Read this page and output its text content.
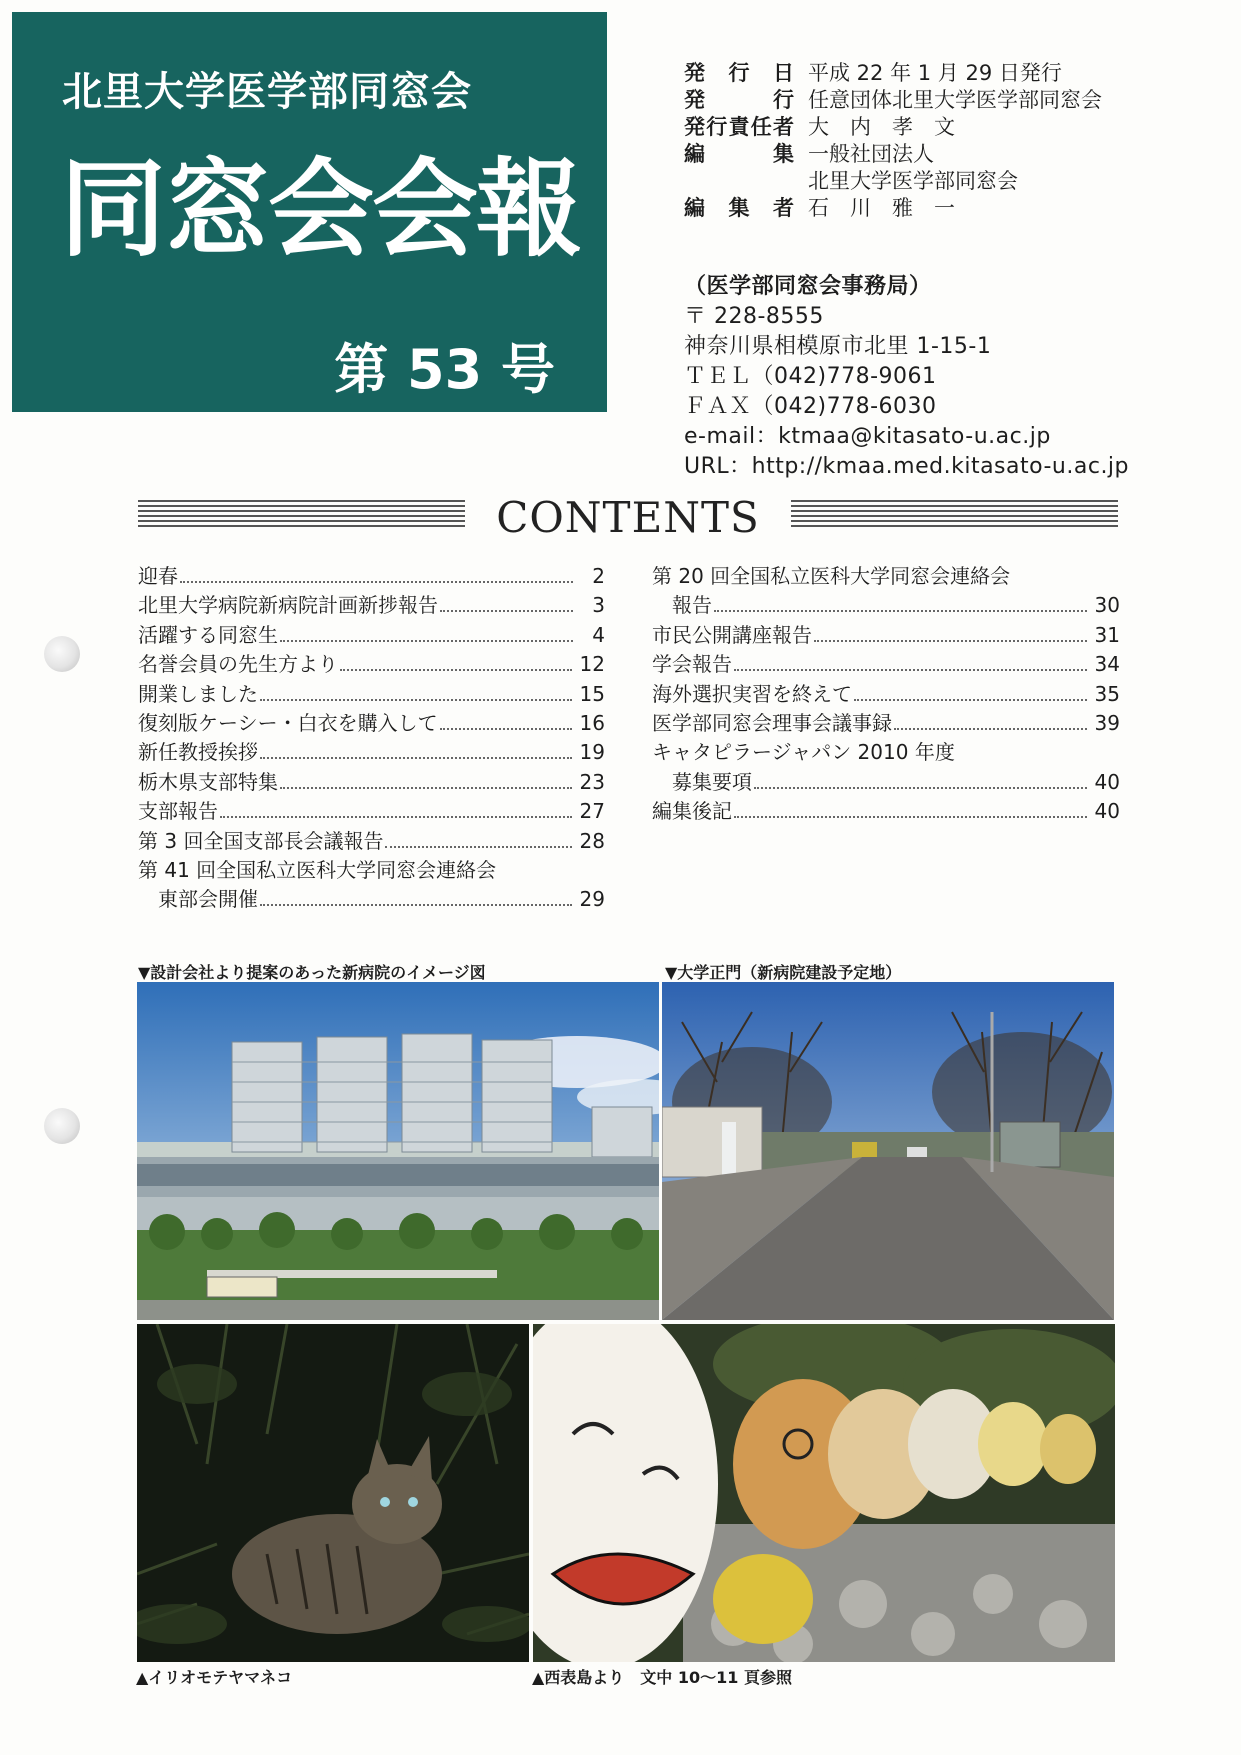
北里大学医学部同窓会
同窓会会報
第 53 号
発行日 平成 22 年 1 月 29 日発行
発行 任意団体北里大学医学部同窓会
発行責任者 大　内　孝　文
編集 一般社団法人
北里大学医学部同窓会
編集者 石　川　雅　一
（医学部同窓会事務局）
〒 228-8555
神奈川県相模原市北里 1-15-1
ＴＥＬ（042)778-9061
ＦＡＸ（042)778-6030
e-mail：ktmaa@kitasato-u.ac.jp
URL：http://kmaa.med.kitasato-u.ac.jp
CONTENTS
迎春	2
北里大学病院新病院計画新捗報告	3
活躍する同窓生	4
名誉会員の先生方より	12
開業しました	15
復刻版ケーシー・白衣を購入して	16
新任教授挨拶	19
栃木県支部特集	23
支部報告	27
第 3 回全国支部長会議報告	28
第 41 回全国私立医科大学同窓会連絡会
東部会開催	29
第 20 回全国私立医科大学同窓会連絡会
報告	30
市民公開講座報告	31
学会報告	34
海外選択実習を終えて	35
医学部同窓会理事会議事録	39
キャタピラージャパン 2010 年度
募集要項	40
編集後記	40
▼設計会社より提案のあった新病院のイメージ図	▼大学正門（新病院建設予定地）
▲イリオモテヤマネコ	▲西表島より　文中 10～11 頁参照
